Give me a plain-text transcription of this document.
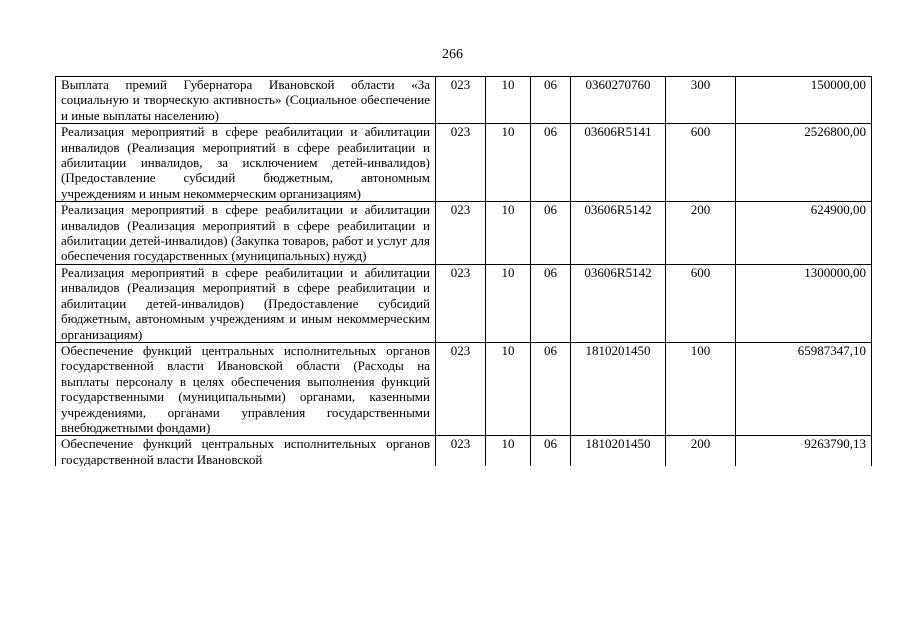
266
Выплата премий Губернатора Ивановской области «За социальную и творческую активность» (Социальное обеспечение и иные выплаты населению)	023	10	06	0360270760	300	150000,00
Реализация мероприятий в сфере реабилитации и абилитации инвалидов (Реализация мероприятий в сфере реабилитации и абилитации инвалидов, за исключением детей-инвалидов) (Предоставление субсидий бюджетным, автономным учреждениям и иным некоммерческим организациям)	023	10	06	03606R5141	600	2526800,00
Реализация мероприятий в сфере реабилитации и абилитации инвалидов (Реализация мероприятий в сфере реабилитации и абилитации детей-инвалидов) (Закупка товаров, работ и услуг для обеспечения государственных (муниципальных) нужд)	023	10	06	03606R5142	200	624900,00
Реализация мероприятий в сфере реабилитации и абилитации инвалидов (Реализация мероприятий в сфере реабилитации и абилитации детей-инвалидов) (Предоставление субсидий бюджетным, автономным учреждениям и иным некоммерческим организациям)	023	10	06	03606R5142	600	1300000,00
Обеспечение функций центральных исполнительных органов государственной власти Ивановской области (Расходы на выплаты персоналу в целях обеспечения выполнения функций государственными (муниципальными) органами, казенными учреждениями, органами управления государственными внебюджетными фондами)	023	10	06	1810201450	100	65987347,10

Обеспечение функций центральных исполнительных органов государственной власти Ивановской	023	10	06	1810201450	200	9263790,13
